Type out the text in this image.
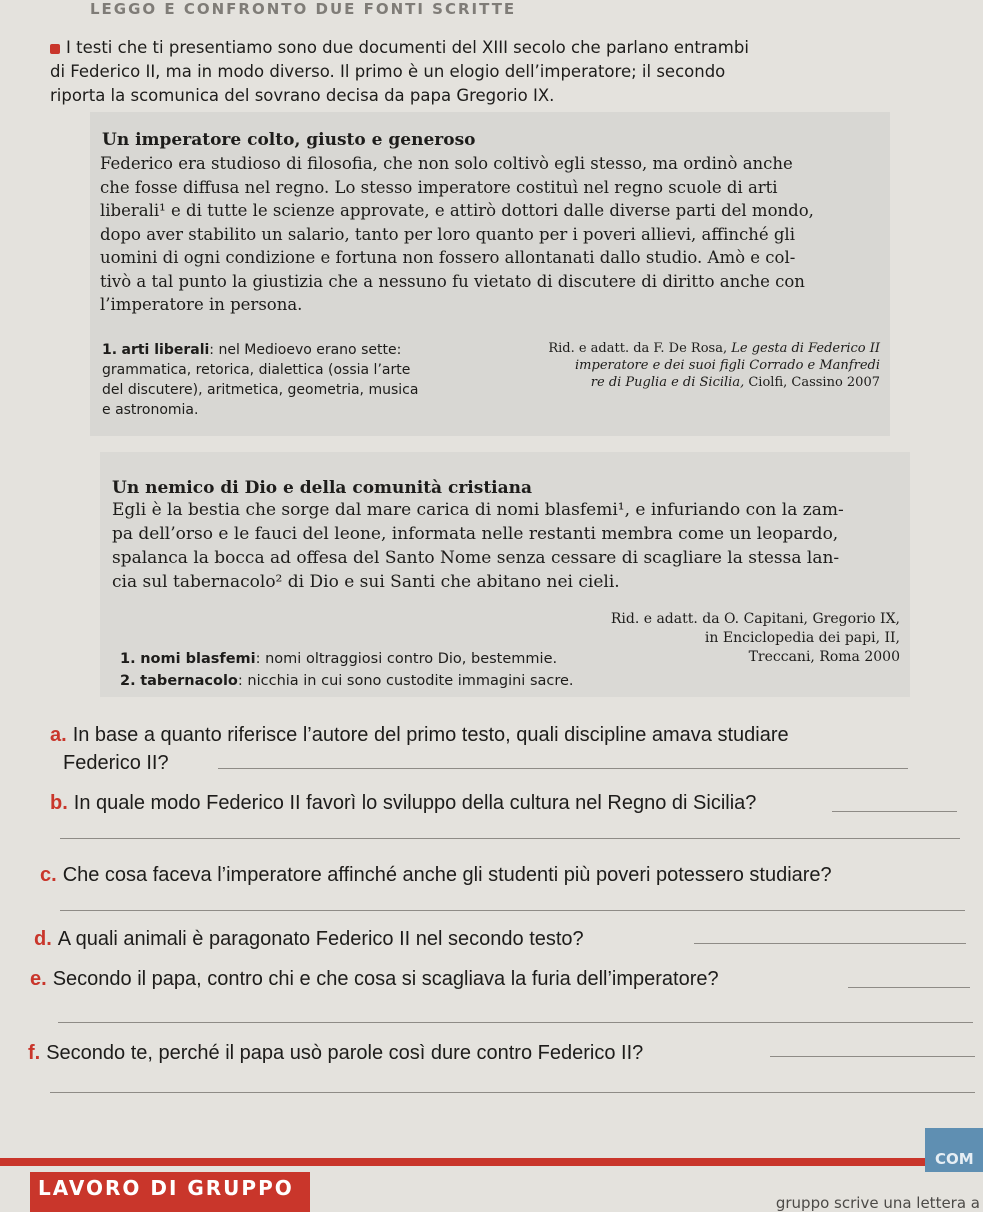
LEGGO E CONFRONTO DUE FONTI SCRITTE
I testi che ti presentiamo sono due documenti del XIII secolo che parlano entrambi
di Federico II, ma in modo diverso. Il primo è un elogio dell’imperatore; il secondo
riporta la scomunica del sovrano decisa da papa Gregorio IX.

Un imperatore colto, giusto e generoso

Federico era studioso di filosofia, che non solo coltivò egli stesso, ma ordinò anche

che fosse diffusa nel regno. Lo stesso imperatore costituì nel regno scuole di arti

liberali¹ e di tutte le scienze approvate, e attirò dottori dalle diverse parti del mondo,

dopo aver stabilito un salario, tanto per loro quanto per i poveri allievi, affinché gli

uomini di ogni condizione e fortuna non fossero allontanati dallo studio. Amò e col-

tivò a tal punto la giustizia che a nessuno fu vietato di discutere di diritto anche con

l’imperatore in persona.

1. arti liberali: nel Medioevo erano sette:
grammatica, retorica, dialettica (ossia l’arte
del discutere), aritmetica, geometria, musica
e astronomia.
Rid. e adatt. da F. De Rosa, Le gesta di Federico II
imperatore e dei suoi figli Corrado e Manfredi
re di Puglia e di Sicilia, Ciolfi, Cassino 2007

Un nemico di Dio e della comunità cristiana

Egli è la bestia che sorge dal mare carica di nomi blasfemi¹, e infuriando con la zam-

pa dell’orso e le fauci del leone, informata nelle restanti membra come un leopardo,

spalanca la bocca ad offesa del Santo Nome senza cessare di scagliare la stessa lan-

cia sul tabernacolo² di Dio e sui Santi che abitano nei cieli.

Rid. e adatt. da O. Capitani, Gregorio IX,
in Enciclopedia dei papi, II,
Treccani, Roma 2000
1. nomi blasfemi: nomi oltraggiosi contro Dio, bestemmie.
2. tabernacolo: nicchia in cui sono custodite immagini sacre.
a. In base a quanto riferisce l’autore del primo testo, quali discipline amava studiare
Federico II?
b. In quale modo Federico II favorì lo sviluppo della cultura nel Regno di Sicilia?
c. Che cosa faceva l’imperatore affinché anche gli studenti più poveri potessero studiare?
d. A quali animali è paragonato Federico II nel secondo testo?
e. Secondo il papa, contro chi e che cosa si scagliava la furia dell’imperatore?
f. Secondo te, perché il papa usò parole così dure contro Federico II?
COM
LAVORO DI GRUPPO
gruppo scrive una lettera a
